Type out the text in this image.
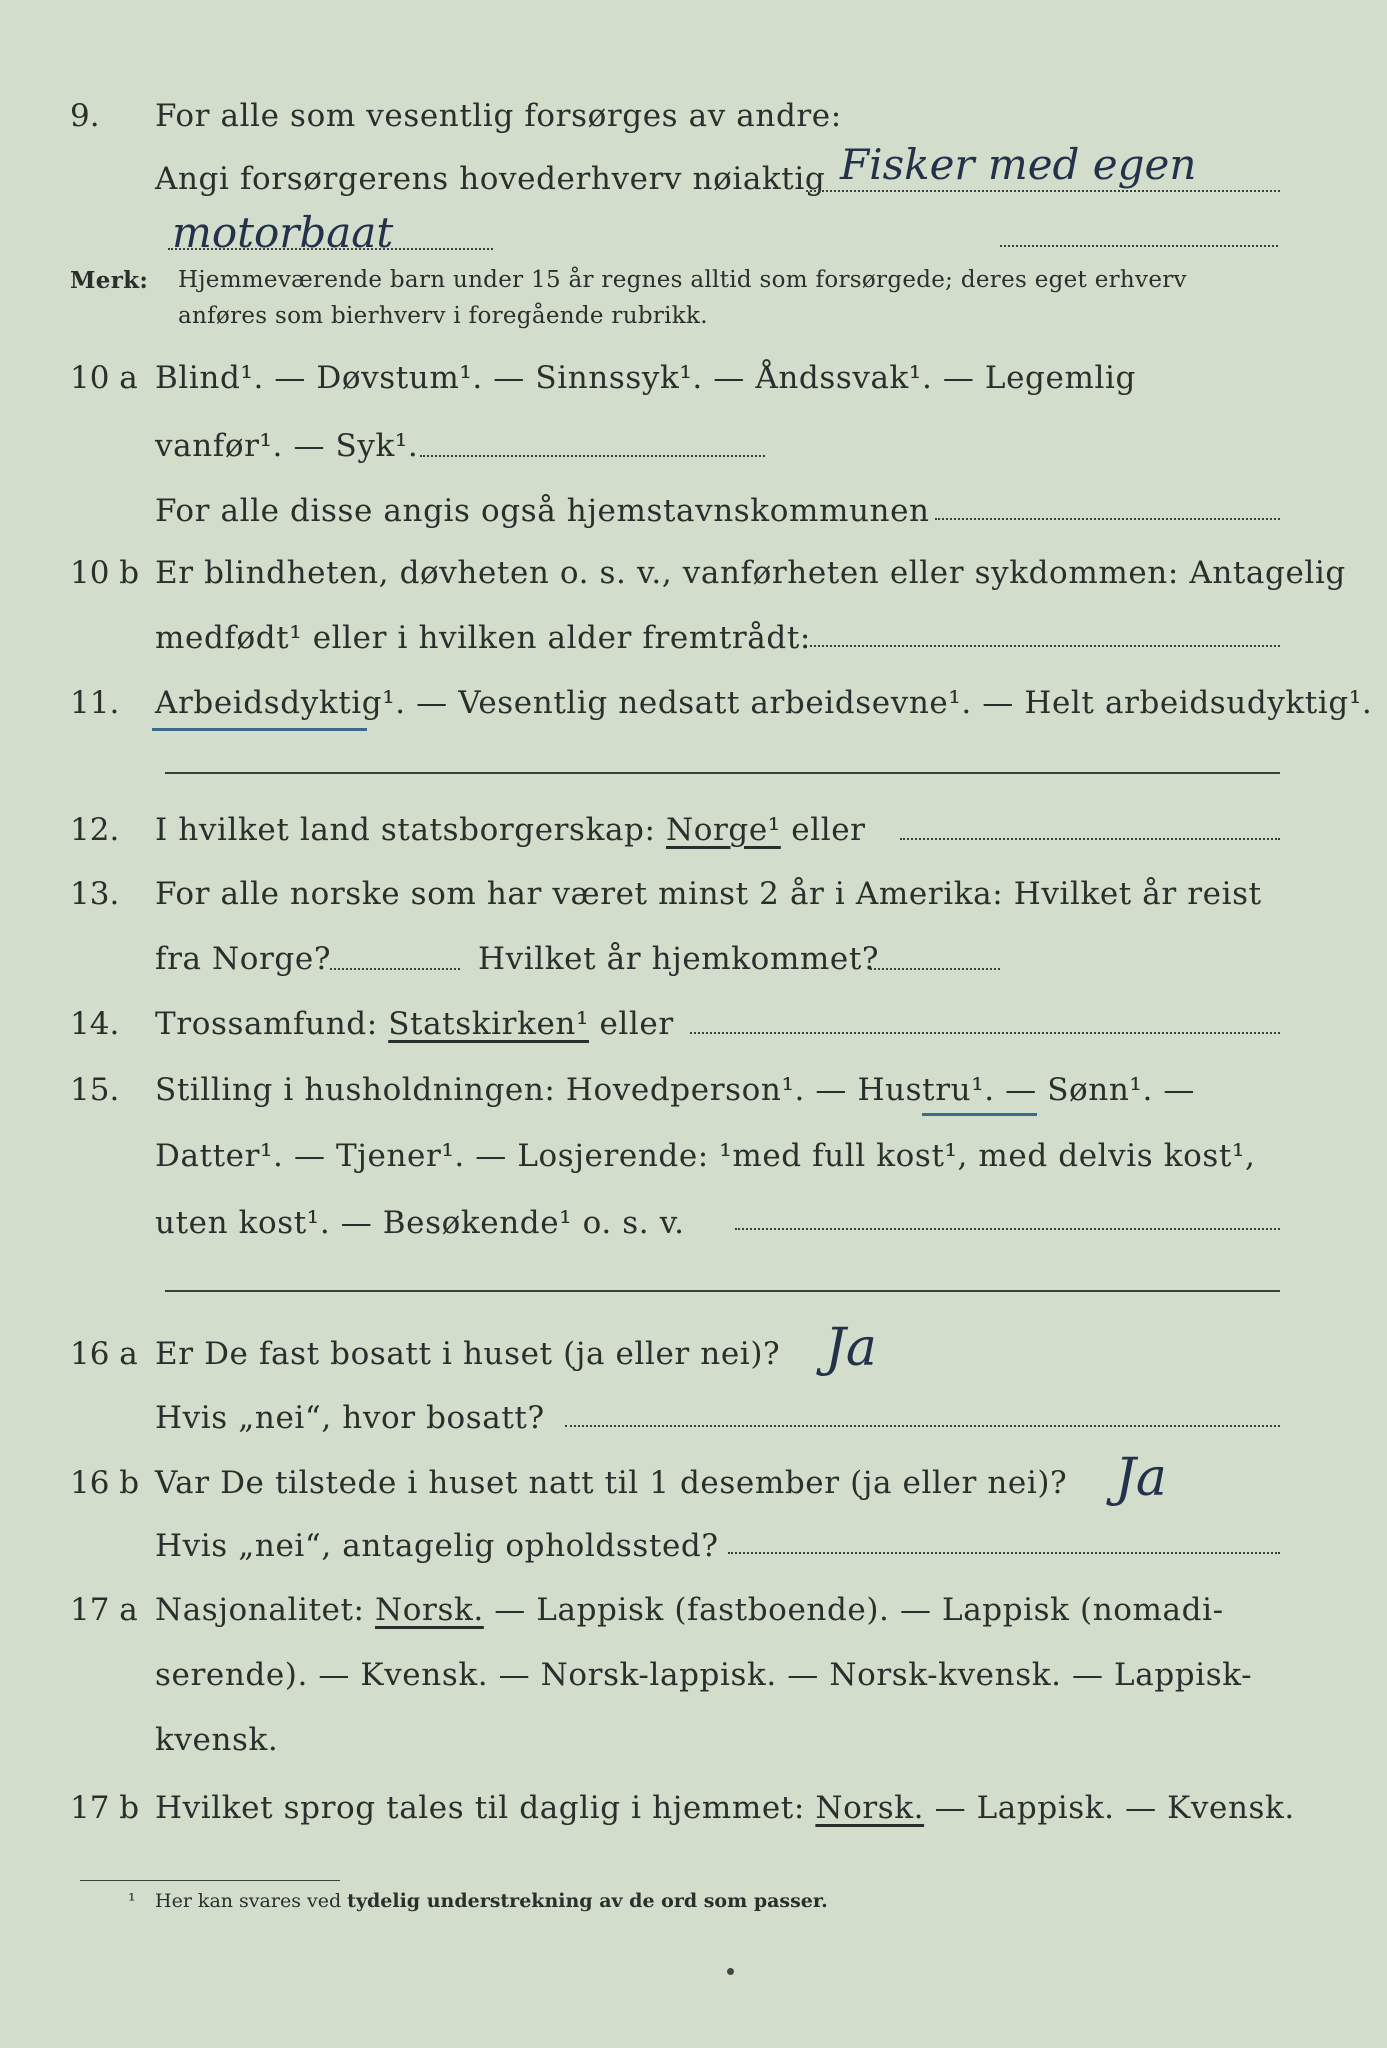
9. For alle som vesentlig forsørges av andre:
Angi forsørgerens hovederhverv nøiaktig Fisker med egen
motorbaat
Merk: Hjemmeværende barn under 15 år regnes alltid som forsørgede; deres eget erhverv
anføres som bierhverv i foregående rubrikk.
10 a Blind¹. — Døvstum¹. — Sinnssyk¹. — Åndssvak¹. — Legemlig
vanfør¹. — Syk¹.
For alle disse angis også hjemstavnskommunen
10 b Er blindheten, døvheten o. s. v., vanførheten eller sykdommen: Antagelig
medfødt¹ eller i hvilken alder fremtrådt:
11. Arbeidsdyktig¹. — Vesentlig nedsatt arbeidsevne¹. — Helt arbeidsudyktig¹.
12. I hvilket land statsborgerskap: Norge¹ eller
13. For alle norske som har været minst 2 år i Amerika: Hvilket år reist
fra Norge?	Hvilket år hjemkommet?
14. Trossamfund: Statskirken¹ eller
15. Stilling i husholdningen: Hovedperson¹. — Hustru¹. — Sønn¹. —
Datter¹. — Tjener¹. — Losjerende: ¹med full kost¹, med delvis kost¹,
uten kost¹. — Besøkende¹ o. s. v.
16 a Er De fast bosatt i huset (ja eller nei)? Ja
Hvis „nei“, hvor bosatt?
16 b Var De tilstede i huset natt til 1 desember (ja eller nei)? Ja
Hvis „nei“, antagelig opholdssted?
17 a Nasjonalitet: Norsk. — Lappisk (fastboende). — Lappisk (nomadi-
serende). — Kvensk. — Norsk-lappisk. — Norsk-kvensk. — Lappisk-
kvensk.
17 b Hvilket sprog tales til daglig i hjemmet: Norsk. — Lappisk. — Kvensk.
¹ Her kan svares ved tydelig understrekning av de ord som passer.
